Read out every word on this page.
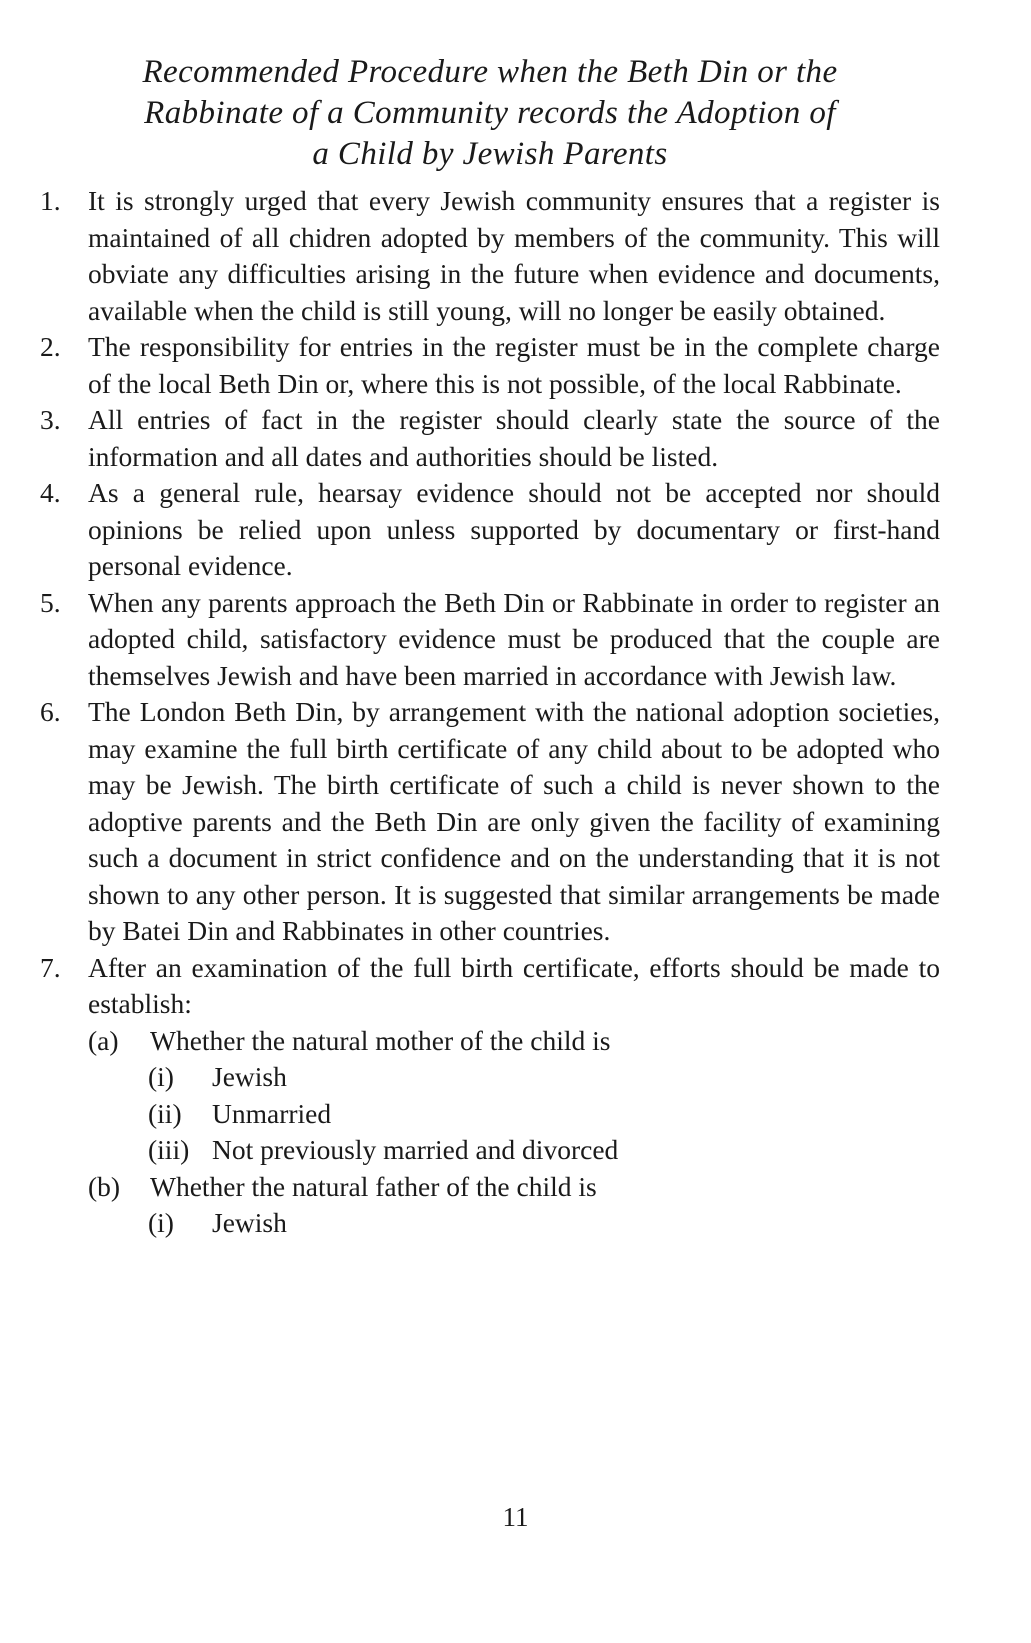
Recommended Procedure when the Beth Din or the
Rabbinate of a Community records the Adoption of
a Child by Jewish Parents
1. It is strongly urged that every Jewish community ensures that a register is maintained of all chidren adopted by members of the community. This will obviate any difficulties arising in the future when evidence and documents, available when the child is still young, will no longer be easily obtained.
2. The responsibility for entries in the register must be in the complete charge of the local Beth Din or, where this is not possible, of the local Rabbinate.
3. All entries of fact in the register should clearly state the source of the information and all dates and authorities should be listed.
4. As a general rule, hearsay evidence should not be accepted nor should opinions be relied upon unless supported by documentary or first-hand personal evidence.
5. When any parents approach the Beth Din or Rabbinate in order to register an adopted child, satisfactory evidence must be produced that the couple are themselves Jewish and have been married in accordance with Jewish law.
6. The London Beth Din, by arrangement with the national adoption societies, may examine the full birth certificate of any child about to be adopted who may be Jewish. The birth certificate of such a child is never shown to the adoptive parents and the Beth Din are only given the facility of examining such a document in strict confidence and on the understanding that it is not shown to any other person. It is suggested that similar arrangements be made by Batei Din and Rabbinates in other countries.
7. After an examination of the full birth certificate, efforts should be made to establish:
(a) Whether the natural mother of the child is
(i)	Jewish
(ii)	Unmarried
(iii) Not previously married and divorced
(b) Whether the natural father of the child is
(i)	Jewish
11
